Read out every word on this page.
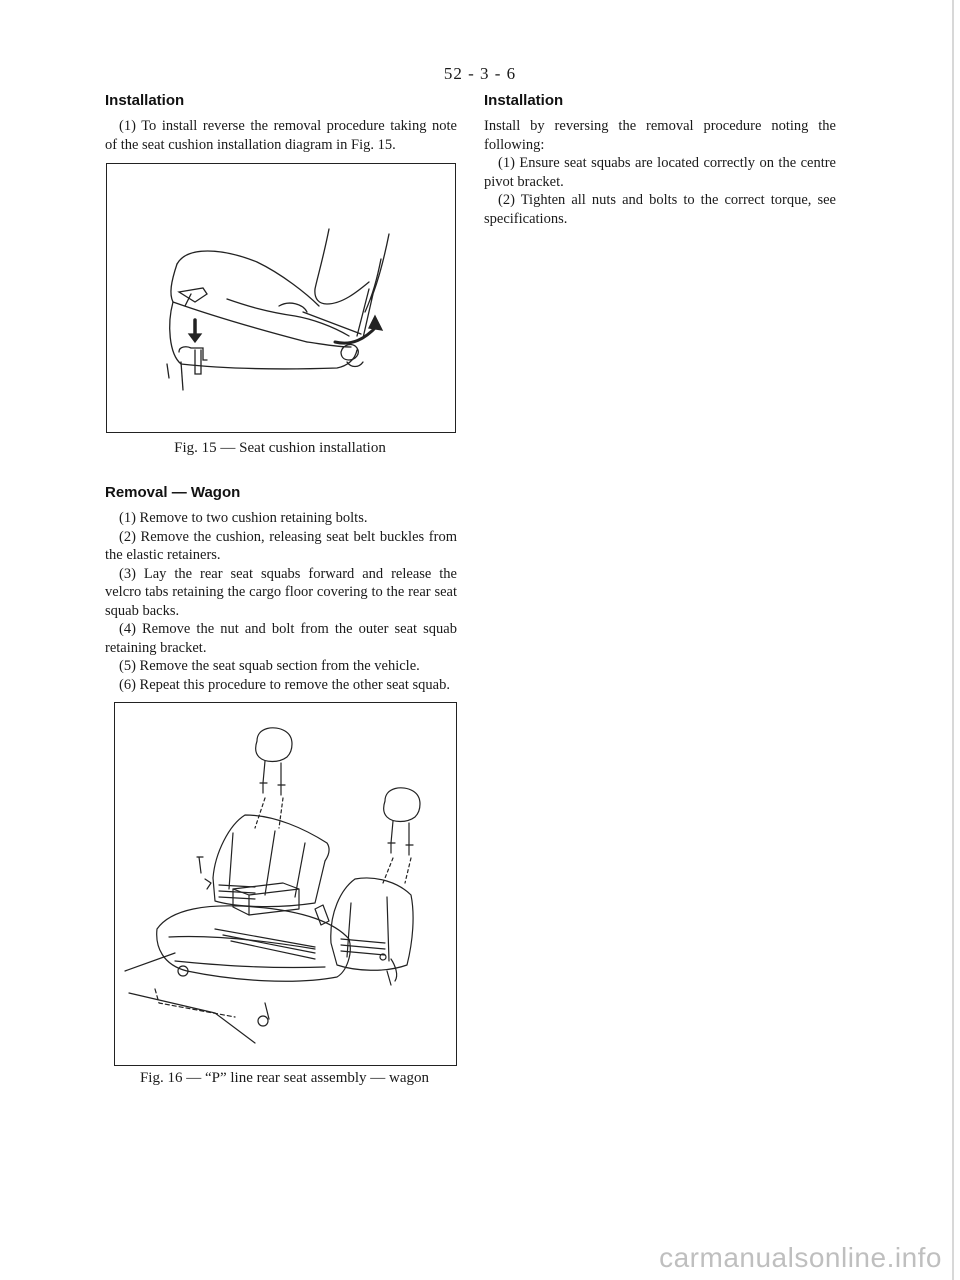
52 - 3 - 6
Installation

(1) To install reverse the removal procedure taking note of the seat cushion installation diagram in Fig. 15.

Fig. 15 — Seat cushion installation
Removal — Wagon

(1) Remove to two cushion retaining bolts.

(2) Remove the cushion, releasing seat belt buckles from the elastic retainers.

(3) Lay the rear seat squabs forward and release the velcro tabs retaining the cargo floor covering to the rear seat squab backs.

(4) Remove the nut and bolt from the outer seat squab retaining bracket.

(5) Remove the seat squab section from the vehicle.

(6) Repeat this procedure to remove the other seat squab.

Fig. 16 — “P” line rear seat assembly — wagon
Installation

Install by reversing the removal procedure noting the following:

(1) Ensure seat squabs are located correctly on the centre pivot bracket.

(2) Tighten all nuts and bolts to the correct torque, see specifications.

carmanualsonline.info
